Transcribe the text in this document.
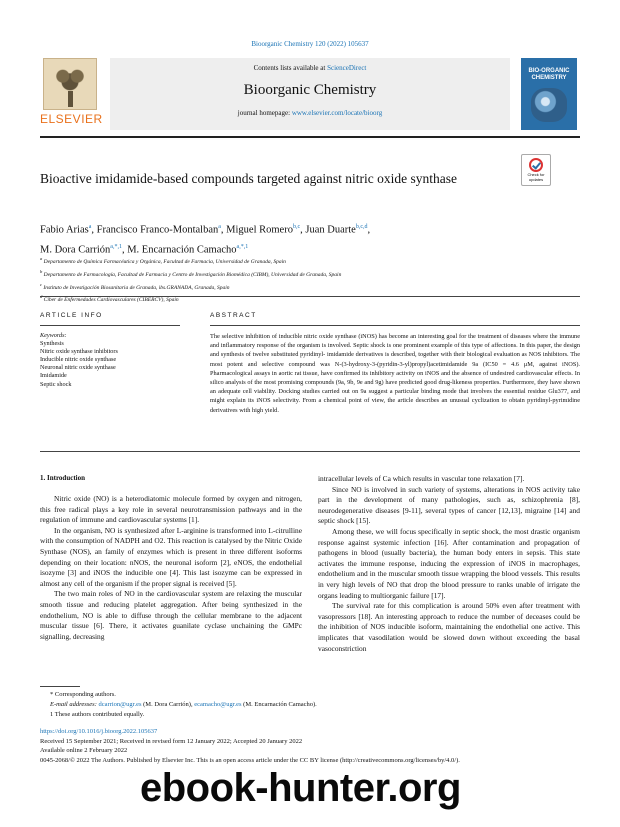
Bioorganic Chemistry 120 (2022) 105637
ELSEVIER
Contents lists available at ScienceDirect
Bioorganic Chemistry
journal homepage: www.elsevier.com/locate/bioorg
BIO-ORGANIC CHEMISTRY
Bioactive imidamide-based compounds targeted against nitric oxide synthase	Check for updates
Fabio Arias$^a$, Francisco Franco-Montalban$^a$, Miguel Romero$^{b,c}$, Juan Duarte$^{b,c,d}$,
M. Dora Carrión$^{a,*,1}$, M. Encarnación Camacho$^{a,*,1}$
$^a$ Departamento de Química Farmacéutica y Orgánica, Facultad de Farmacia, Universidad de Granada, Spain
$^b$ Departamento de Farmacología, Facultad de Farmacia y Centro de Investigación Biomédica (CIBM), Universidad de Granada, Spain
$^c$ Instituto de Investigación Biosanitaria de Granada, ibs.GRANADA, Granada, Spain
Ciber de Enfermedades Cardiovasculares (CIBERCV), Spain
ARTICLE INFO	ABSTRACT
Keywords:
Synthesis
Nitric oxide synthase inhibitors
Inducible nitric oxide synthase
Neuronal nitric oxide synthase
Imidamide
Septic shock
The selective inhibition of inducible nitric oxide synthase (iNOS) has become an interesting goal for the treatment of diseases where the immune and inflammatory response of the organism is involved. Septic shock is one prominent example of this type of affections. In this paper, the design and synthesis of twelve substituted pyridinyl- imidamide derivatives is described, together with their biological evaluation as NOS inhibitors. The most potent and selective compound was N-(3-hydroxy-3-(pyridin-3-yl)propyl)acetimidamide 9a (IC50 = 4.6 μM, against iNOS). Pharmacological assays in aortic rat tissue, have confirmed its inhibitory activity on iNOS and the absence of undesired cardiovascular effects. In silico analysis of the most promising compounds (9a, 9b, 9e and 9g) have predicted good drug-likeness properties. Furthermore, they have shown an adequate cell viability. Docking studies carried out on 9a suggest a particular binding mode that involves the essential residue Glu377, and might explain its iNOS selectivity. From a chemical point of view, the article describes an unusual cyclization to obtain pyridinyl-pyrimidine derivatives with high yield.
1. Introduction

Nitric oxide (NO) is a heterodiatomic molecule formed by oxygen and nitrogen, this free radical plays a key role in several neurotransmission pathways and in the regulation of immune and cardiovascular systems [1].

In the organism, NO is synthesized after L-arginine is transformed into L-citrulline with the consumption of NADPH and O2. This reaction is catalysed by the Nitric Oxide Synthase (NOS), an family of enzymes which is present in three different isoforms depending on their location: nNOS, the neuronal isoform [2], eNOS, the endothelial isozyme [3] and iNOS the inducible one [4]. This last isozyme can be expressed in almost any cell of the organism if the proper signal is received [5].

The two main roles of NO in the cardiovascular system are relaxing the muscular smooth tissue and reducing platelet aggregation. After being synthesized in the endothelium, NO is able to diffuse through the cellular membrane to the adjacent muscular tissue [6]. There, it activates guanilate cyclase unchaining the GMPc signalling, decreasing

intracellular levels of Ca which results in vascular tone relaxation [7].

Since NO is involved in such variety of systems, alterations in NOS activity take part in the development of many pathologies, such as, schizophrenia [8], neurodegenerative diseases [9-11], several types of cancer [12,13], migraine [14] and septic shock [15].

Among these, we will focus specifically in septic shock, the most drastic organism response against systemic infection [16]. After contamination and propagation of pathogens in blood (usually bacteria), the human body enters in sepsis. This state activates the immune response, inducing the expression of iNOS in macrophages, endothelium and in the muscular smooth tissue wrapping the blood vessels. This results in very high levels of NO that drop the blood pressure to ranks unable of irrigate the organs leading to multiorganic failure [17].

The survival rate for this complication is around 50% even after treatment with vasopressors [18]. An interesting approach to reduce the number of deceases could be the inhibition of NOS inducible isoform, maintaining the endothelial one active. This implicates that vasodilation would be slowed down without exceeding the basal vasoconstriction

* Corresponding authors.
E-mail addresses: dcarrion@ugr.es (M. Dora Carrión), ecamacho@ugr.es (M. Encarnación Camacho).
1 These authors contributed equally.
https://doi.org/10.1016/j.bioorg.2022.105637
Received 15 September 2021; Received in revised form 12 January 2022; Accepted 20 January 2022
Available online 2 February 2022
0045-2068/© 2022 The Authors. Published by Elsevier Inc. This is an open access article under the CC BY license (http://creativecommons.org/licenses/by/4.0/).
ebook-hunter.org
